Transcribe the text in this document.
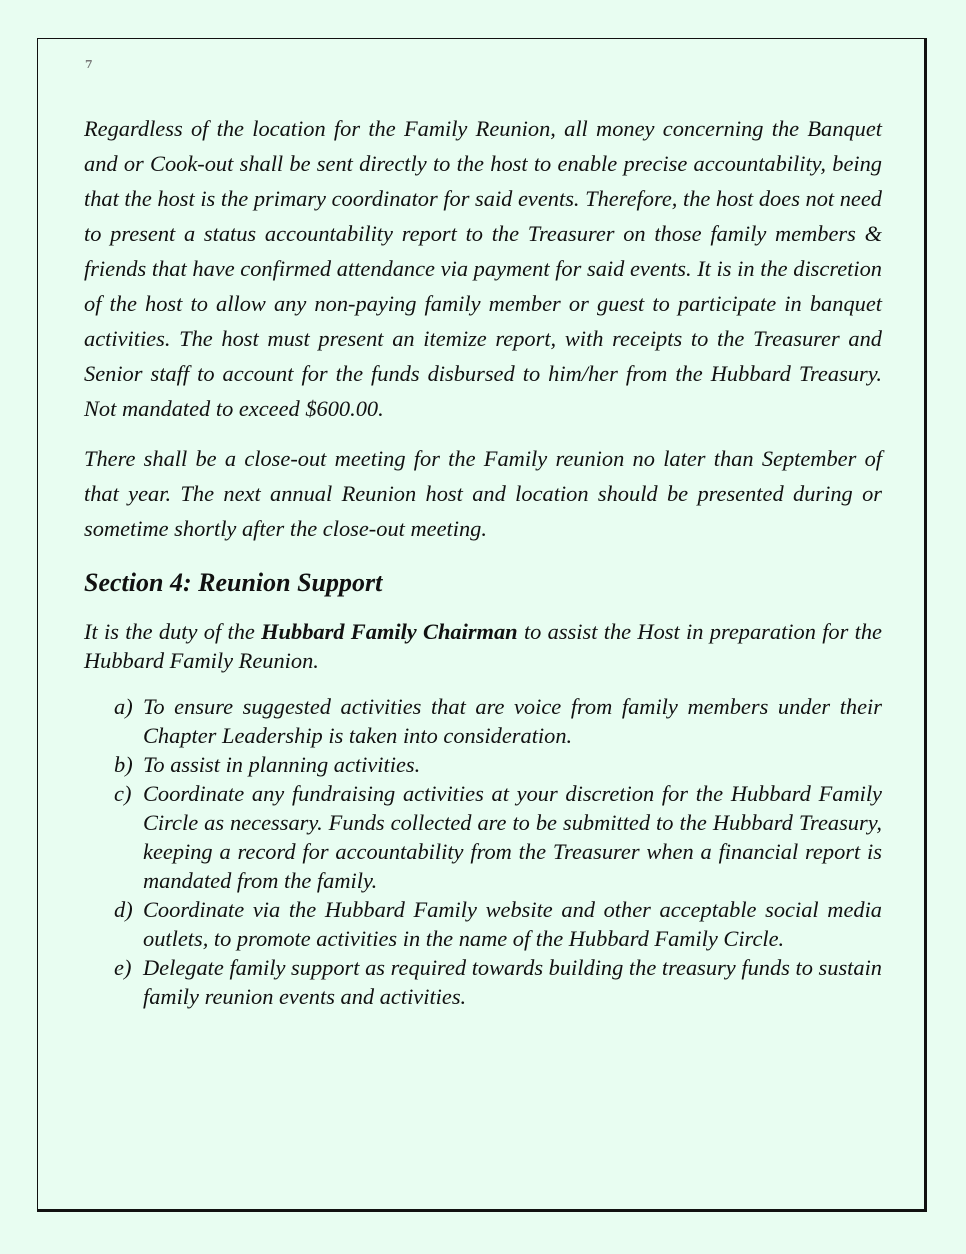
7

Regardless of the location for the Family Reunion, all money concerning the Banquet and or Cook-out shall be sent directly to the host to enable precise accountability, being that the host is the primary coordinator for said events. Therefore, the host does not need to present a status accountability report to the Treasurer on those family members & friends that have confirmed attendance via payment for said events. It is in the discretion of the host to allow any non-paying family member or guest to participate in banquet activities. The host must present an itemize report, with receipts to the Treasurer and Senior staff to account for the funds disbursed to him/her from the Hubbard Treasury. Not mandated to exceed $600.00.

There shall be a close-out meeting for the Family reunion no later than September of that year. The next annual Reunion host and location should be presented during or sometime shortly after the close-out meeting.

Section 4: Reunion Support

It is the duty of the Hubbard Family Chairman to assist the Host in preparation for the Hubbard Family Reunion.

a) To ensure suggested activities that are voice from family members under their Chapter Leadership is taken into consideration.
b) To assist in planning activities.
c) Coordinate any fundraising activities at your discretion for the Hubbard Family Circle as necessary. Funds collected are to be submitted to the Hubbard Treasury, keeping a record for accountability from the Treasurer when a financial report is mandated from the family.
d) Coordinate via the Hubbard Family website and other acceptable social media outlets, to promote activities in the name of the Hubbard Family Circle.
e) Delegate family support as required towards building the treasury funds to sustain family reunion events and activities.
